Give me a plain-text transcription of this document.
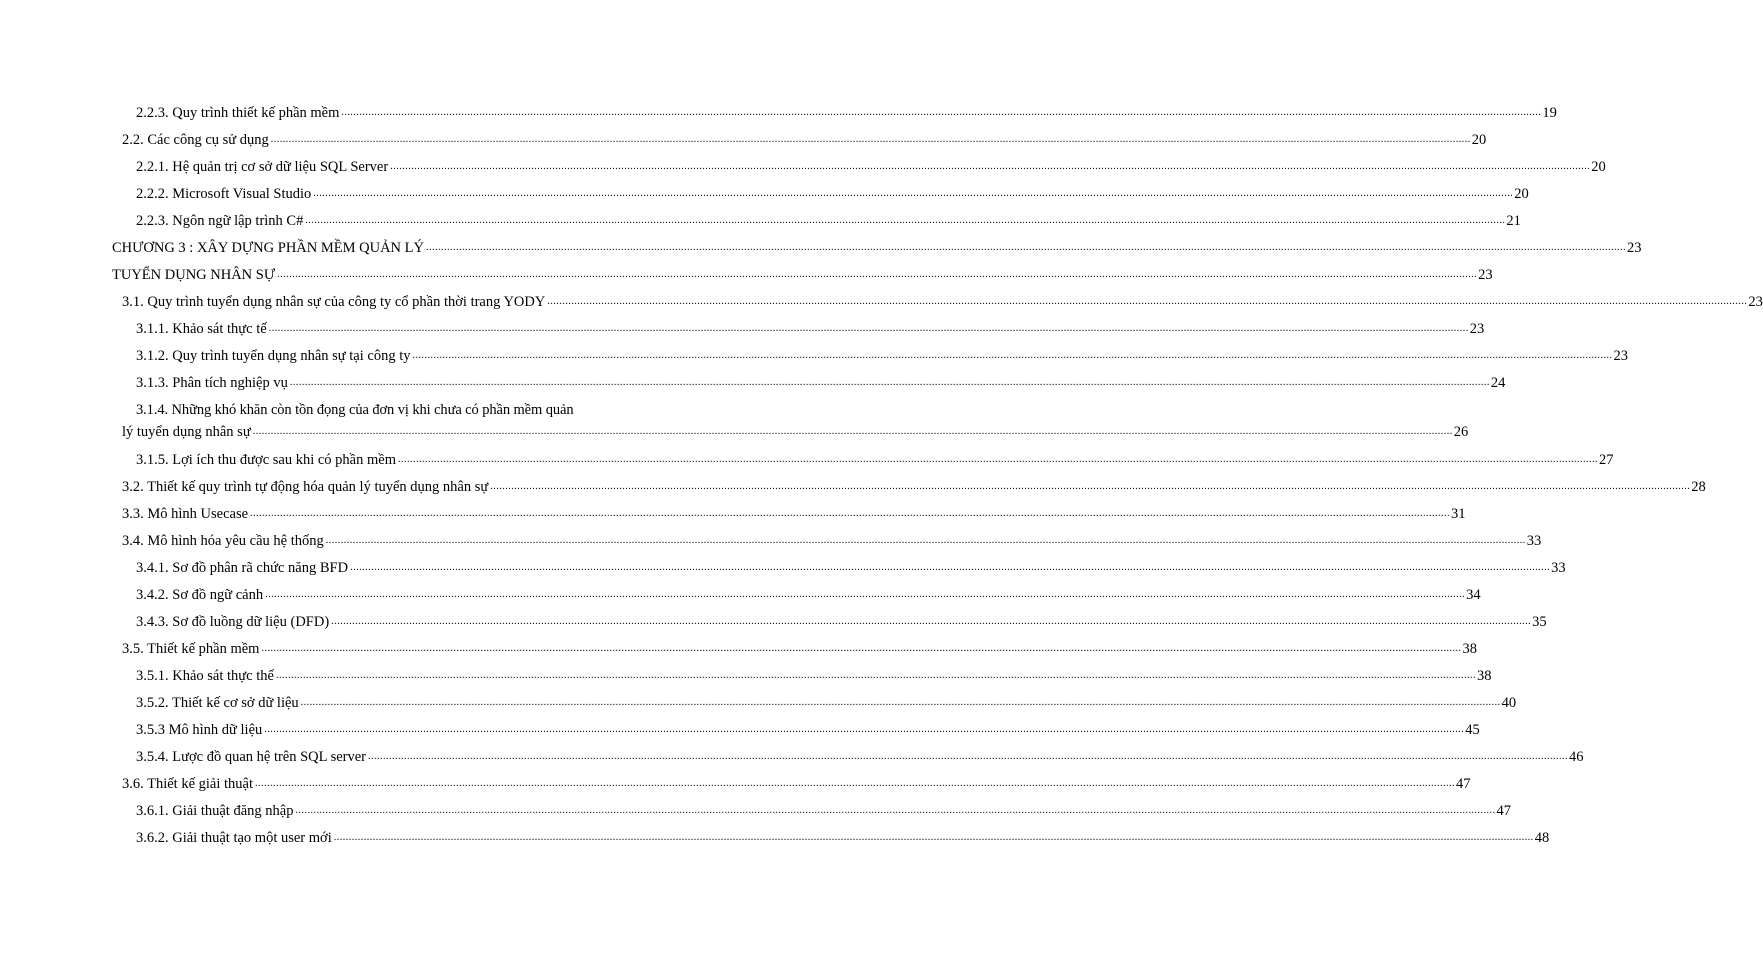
2.2.3. Quy trình thiết kế phần mềm ................................................................................................................................................................................................................................................................................................................................................................................................................ 19
2.2. Các công cụ sử dụng ................................................................................................................................................................................................................................................................................................................................................................................................................ 20
2.2.1. Hệ quản trị cơ sở dữ liệu SQL Server ................................................................................................................................................................................................................................................................................................................................................................................................................ 20
2.2.2. Microsoft Visual Studio ................................................................................................................................................................................................................................................................................................................................................................................................................ 20
2.2.3. Ngôn ngữ lập trình C# ................................................................................................................................................................................................................................................................................................................................................................................................................ 21
CHƯƠNG 3 : XÂY DỰNG PHẦN MỀM QUẢN LÝ ................................................................................................................................................................................................................................................................................................................................................................................................................ 23
TUYỂN DỤNG NHÂN SỰ ................................................................................................................................................................................................................................................................................................................................................................................................................ 23
3.1. Quy trình tuyển dụng nhân sự của công ty cổ phần thời trang YODY ................................................................................................................................................................................................................................................................................................................................................................................................................ 23
3.1.1. Khảo sát thực tế ................................................................................................................................................................................................................................................................................................................................................................................................................ 23
3.1.2. Quy trình tuyển dụng nhân sự tại công ty ................................................................................................................................................................................................................................................................................................................................................................................................................ 23
3.1.3. Phân tích nghiệp vụ ................................................................................................................................................................................................................................................................................................................................................................................................................ 24
3.1.4. Những khó khăn còn tồn đọng của đơn vị khi chưa có phần mềm quản
lý tuyển dụng nhân sự ................................................................................................................................................................................................................................................................................................................................................................................................................ 26
3.1.5. Lợi ích thu được sau khi có phần mềm ................................................................................................................................................................................................................................................................................................................................................................................................................ 27
3.2. Thiết kế quy trình tự động hóa quản lý tuyển dụng nhân sự ................................................................................................................................................................................................................................................................................................................................................................................................................ 28
3.3. Mô hình Usecase ................................................................................................................................................................................................................................................................................................................................................................................................................ 31
3.4. Mô hình hóa yêu cầu hệ thống ................................................................................................................................................................................................................................................................................................................................................................................................................ 33
3.4.1. Sơ đồ phân rã chức năng BFD ................................................................................................................................................................................................................................................................................................................................................................................................................ 33
3.4.2. Sơ đồ ngữ cảnh ................................................................................................................................................................................................................................................................................................................................................................................................................ 34
3.4.3. Sơ đồ luồng dữ liệu (DFD) ................................................................................................................................................................................................................................................................................................................................................................................................................ 35
3.5. Thiết kế phần mềm ................................................................................................................................................................................................................................................................................................................................................................................................................ 38
3.5.1. Khảo sát thực thể ................................................................................................................................................................................................................................................................................................................................................................................................................ 38
3.5.2. Thiết kế cơ sở dữ liệu ................................................................................................................................................................................................................................................................................................................................................................................................................ 40
3.5.3 Mô hình dữ liệu ................................................................................................................................................................................................................................................................................................................................................................................................................ 45
3.5.4. Lược đồ quan hệ trên SQL server ................................................................................................................................................................................................................................................................................................................................................................................................................ 46
3.6. Thiết kế giải thuật ................................................................................................................................................................................................................................................................................................................................................................................................................ 47
3.6.1. Giải thuật đăng nhập ................................................................................................................................................................................................................................................................................................................................................................................................................ 47
3.6.2. Giải thuật tạo một user mới ................................................................................................................................................................................................................................................................................................................................................................................................................ 48
